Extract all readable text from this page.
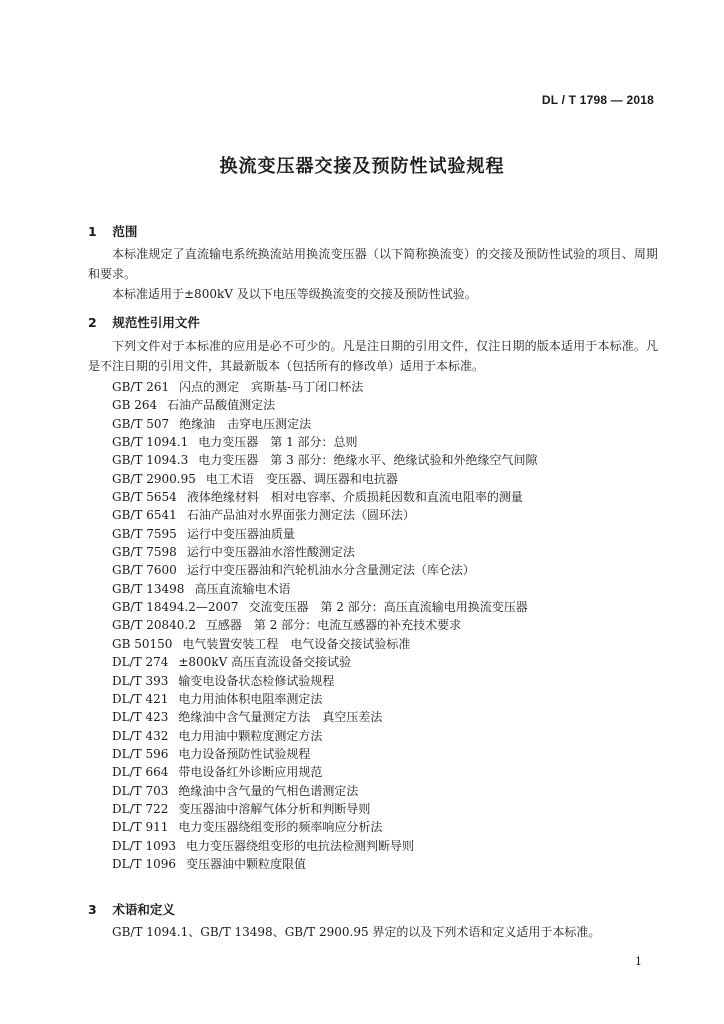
DL / T 1798 — 2018
换流变压器交接及预防性试验规程
1 范围

本标准规定了直流输电系统换流站用换流变压器（以下简称换流变）的交接及预防性试验的项目、周期和要求。

本标准适用于±800kV 及以下电压等级换流变的交接及预防性试验。

2 规范性引用文件

下列文件对于本标准的应用是必不可少的。凡是注日期的引用文件，仅注日期的版本适用于本标准。凡是不注日期的引用文件，其最新版本（包括所有的修改单）适用于本标准。

GB/T 261 闪点的测定　宾斯基-马丁闭口杯法
GB 264 石油产品酸值测定法
GB/T 507 绝缘油　击穿电压测定法
GB/T 1094.1 电力变压器　第 1 部分：总则
GB/T 1094.3 电力变压器　第 3 部分：绝缘水平、绝缘试验和外绝缘空气间隙
GB/T 2900.95 电工术语　变压器、调压器和电抗器
GB/T 5654 液体绝缘材料　相对电容率、介质损耗因数和直流电阻率的测量
GB/T 6541 石油产品油对水界面张力测定法（圆环法）
GB/T 7595 运行中变压器油质量
GB/T 7598 运行中变压器油水溶性酸测定法
GB/T 7600 运行中变压器油和汽轮机油水分含量测定法（库仑法）
GB/T 13498 高压直流输电术语
GB/T 18494.2—2007 交流变压器　第 2 部分：高压直流输电用换流变压器
GB/T 20840.2 互感器　第 2 部分：电流互感器的补充技术要求
GB 50150 电气装置安装工程　电气设备交接试验标准
DL/T 274 ±800kV 高压直流设备交接试验
DL/T 393 输变电设备状态检修试验规程
DL/T 421 电力用油体积电阻率测定法
DL/T 423 绝缘油中含气量测定方法　真空压差法
DL/T 432 电力用油中颗粒度测定方法
DL/T 596 电力设备预防性试验规程
DL/T 664 带电设备红外诊断应用规范
DL/T 703 绝缘油中含气量的气相色谱测定法
DL/T 722 变压器油中溶解气体分析和判断导则
DL/T 911 电力变压器绕组变形的频率响应分析法
DL/T 1093 电力变压器绕组变形的电抗法检测判断导则
DL/T 1096 变压器油中颗粒度限值
3 术语和定义

GB/T 1094.1、GB/T 13498、GB/T 2900.95 界定的以及下列术语和定义适用于本标准。

1
